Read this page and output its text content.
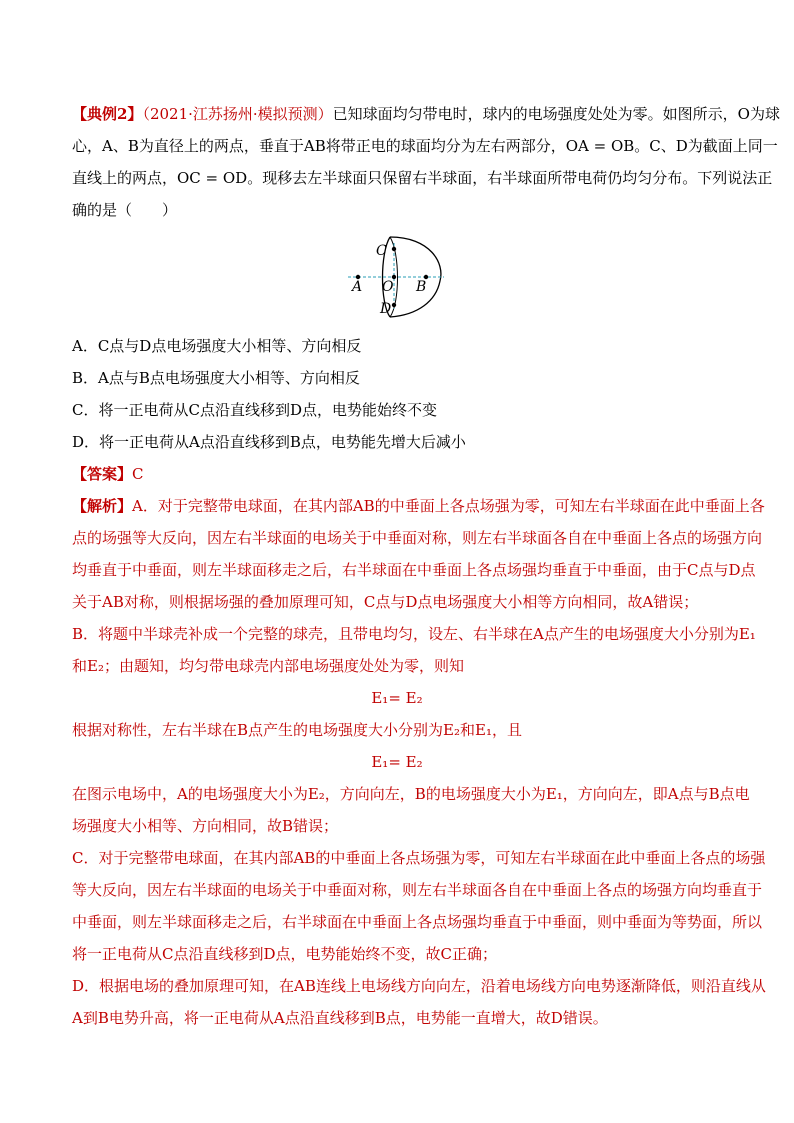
【典例2】（2021·江苏扬州·模拟预测）已知球面均匀带电时，球内的电场强度处处为零。如图所示，O为球
心，A、B为直径上的两点，垂直于AB将带正电的球面均分为左右两部分，OA = OB。C、D为截面上同一
直线上的两点，OC = OD。现移去左半球面只保留右半球面，右半球面所带电荷仍均匀分布。下列说法正
确的是（　　）
A O B
C
D
A．C点与D点电场强度大小相等、方向相反
B．A点与B点电场强度大小相等、方向相反
C．将一正电荷从C点沿直线移到D点，电势能始终不变
D．将一正电荷从A点沿直线移到B点，电势能先增大后减小
【答案】C
【解析】A．对于完整带电球面，在其内部AB的中垂面上各点场强为零，可知左右半球面在此中垂面上各
点的场强等大反向，因左右半球面的电场关于中垂面对称，则左右半球面各自在中垂面上各点的场强方向
均垂直于中垂面，则左半球面移走之后，右半球面在中垂面上各点场强均垂直于中垂面，由于C点与D点
关于AB对称，则根据场强的叠加原理可知，C点与D点电场强度大小相等方向相同，故A错误；
B．将题中半球壳补成一个完整的球壳，且带电均匀，设左、右半球在A点产生的电场强度大小分别为E₁
和E₂；由题知，均匀带电球壳内部电场强度处处为零，则知
E₁= E₂
根据对称性，左右半球在B点产生的电场强度大小分别为E₂和E₁，且
E₁= E₂
在图示电场中，A的电场强度大小为E₂，方向向左，B的电场强度大小为E₁，方向向左，即A点与B点电
场强度大小相等、方向相同，故B错误；
C．对于完整带电球面，在其内部AB的中垂面上各点场强为零，可知左右半球面在此中垂面上各点的场强
等大反向，因左右半球面的电场关于中垂面对称，则左右半球面各自在中垂面上各点的场强方向均垂直于
中垂面，则左半球面移走之后，右半球面在中垂面上各点场强均垂直于中垂面，则中垂面为等势面，所以
将一正电荷从C点沿直线移到D点，电势能始终不变，故C正确；
D．根据电场的叠加原理可知，在AB连线上电场线方向向左，沿着电场线方向电势逐渐降低，则沿直线从
A到B电势升高，将一正电荷从A点沿直线移到B点，电势能一直增大，故D错误。
